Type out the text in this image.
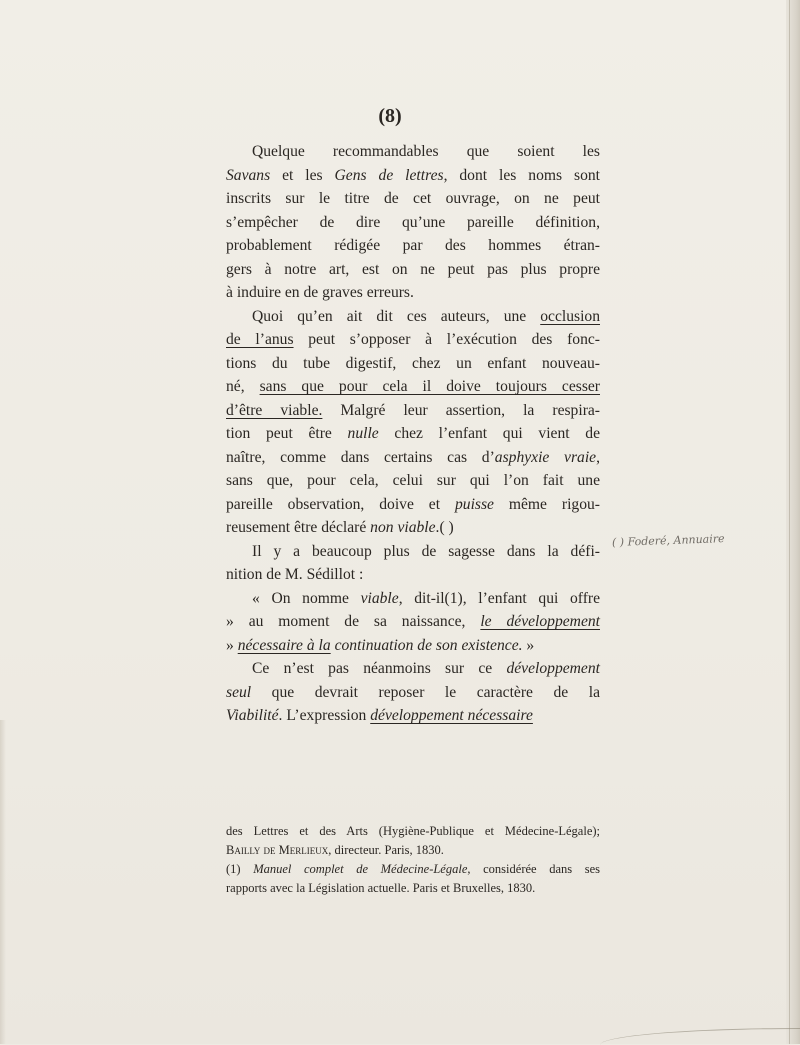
(8)
Quelque recommandables que soient les
Savans et les Gens de lettres, dont les noms sont
inscrits sur le titre de cet ouvrage, on ne peut
s’empêcher de dire qu’une pareille définition,
probablement rédigée par des hommes étran-
gers à notre art, est on ne peut pas plus propre
à induire en de graves erreurs.
Quoi qu’en ait dit ces auteurs, une occlusion
de l’anus peut s’opposer à l’exécution des fonc-
tions du tube digestif, chez un enfant nouveau-
né, sans que pour cela il doive toujours cesser
d’être viable. Malgré leur assertion, la respira-
tion peut être nulle chez l’enfant qui vient de
naître, comme dans certains cas d’asphyxie vraie,
sans que, pour cela, celui sur qui l’on fait une
pareille observation, doive et puisse même rigou-
reusement être déclaré non viable.( )
Il y a beaucoup plus de sagesse dans la défi-
nition de M. Sédillot :
« On nomme viable, dit-il(1), l’enfant qui offre
» au moment de sa naissance, le développement
» nécessaire à la continuation de son existence. »
Ce n’est pas néanmoins sur ce développement
seul que devrait reposer le caractère de la
Viabilité. L’expression développement nécessaire
des Lettres et des Arts (Hygiène-Publique et Médecine-Légale);
Bailly de Merlieux, directeur. Paris, 1830.
(1) Manuel complet de Médecine-Légale, considérée dans ses
rapports avec la Législation actuelle. Paris et Bruxelles, 1830.
( ) Foderé, Annuaire
